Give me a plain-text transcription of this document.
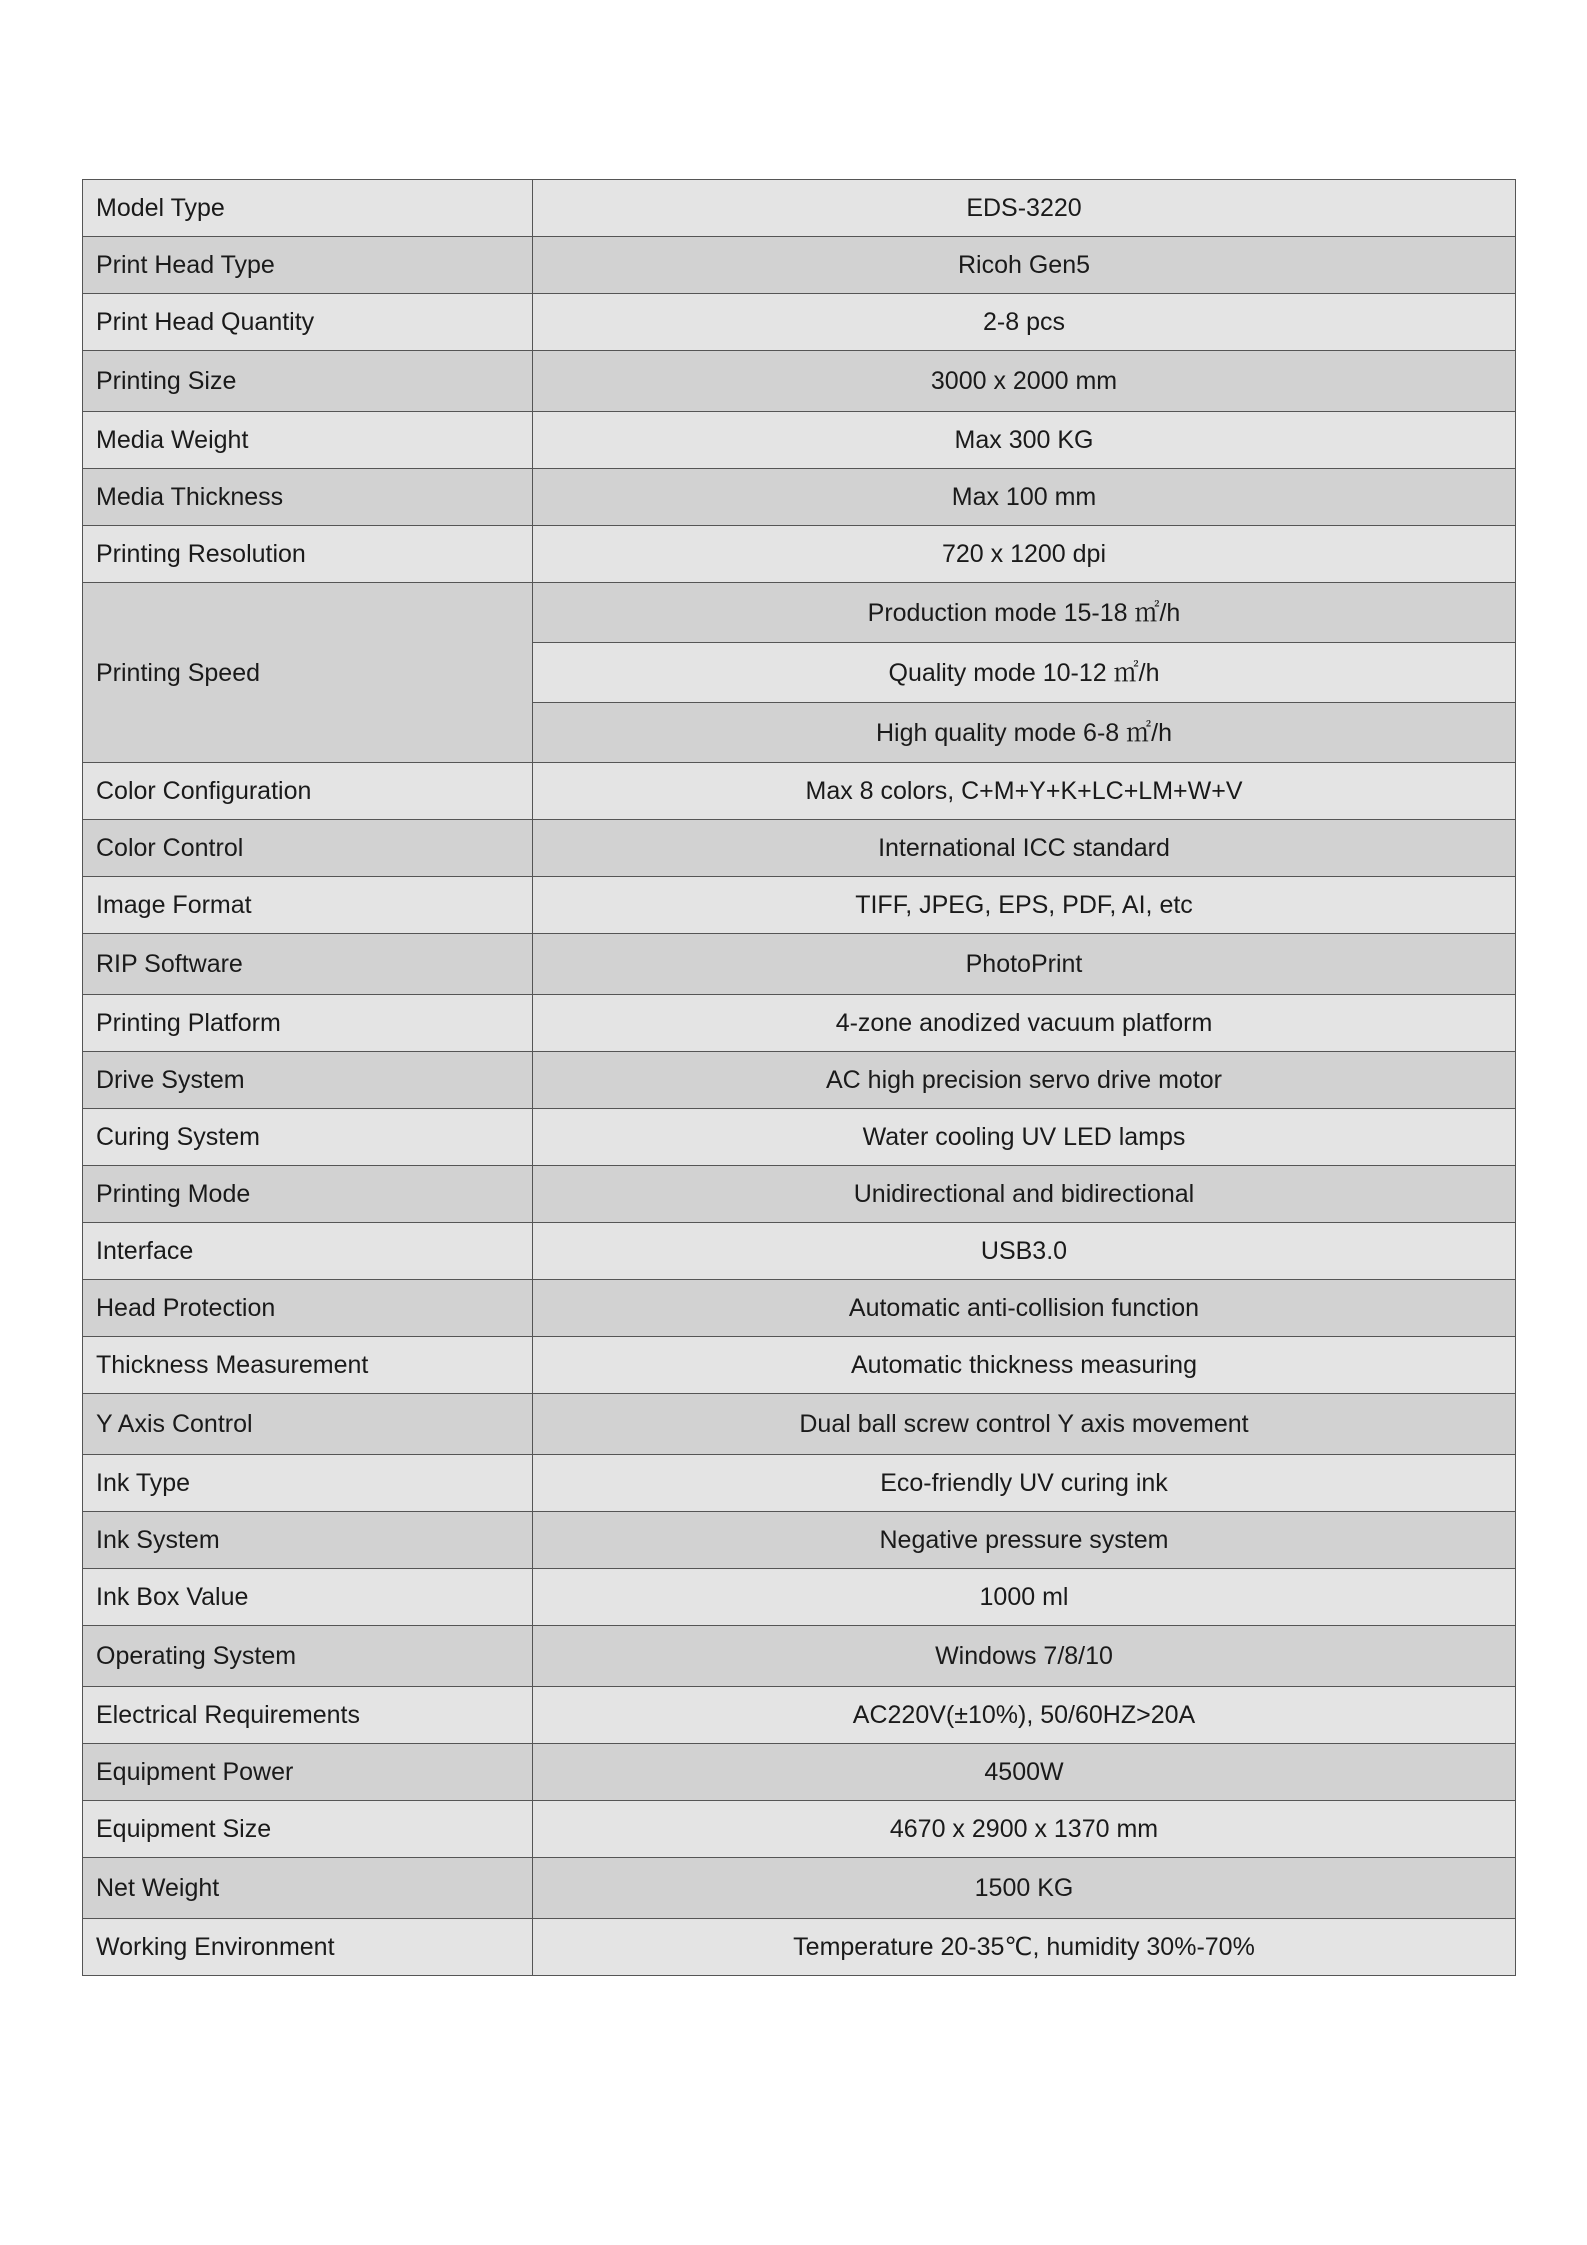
Model Type	EDS-3220
Print Head Type	Ricoh Gen5
Print Head Quantity	2-8 pcs
Printing Size	3000 x 2000 mm
Media Weight	Max 300 KG
Media Thickness	Max 100 mm
Printing Resolution	720 x 1200 dpi
Printing Speed	Production mode 15-18 ㎡/h
	Quality mode 10-12 ㎡/h
	High quality mode 6-8 ㎡/h
Color Configuration	Max 8 colors, C+M+Y+K+LC+LM+W+V
Color Control	International ICC standard
Image Format	TIFF, JPEG, EPS, PDF, AI, etc
RIP Software	PhotoPrint
Printing Platform	4-zone anodized vacuum platform
Drive System	AC high precision servo drive motor
Curing System	Water cooling UV LED lamps
Printing Mode	Unidirectional and bidirectional
Interface	USB3.0
Head Protection	Automatic anti-collision function
Thickness Measurement	Automatic thickness measuring
Y Axis Control	Dual ball screw control Y axis movement
Ink Type	Eco-friendly UV curing ink
Ink System	Negative pressure system
Ink Box Value	1000 ml
Operating System	Windows 7/8/10
Electrical Requirements	AC220V(±10%), 50/60HZ>20A
Equipment Power	4500W
Equipment Size	4670 x 2900 x 1370 mm
Net Weight	1500 KG
Working Environment	Temperature 20-35℃, humidity 30%-70%
